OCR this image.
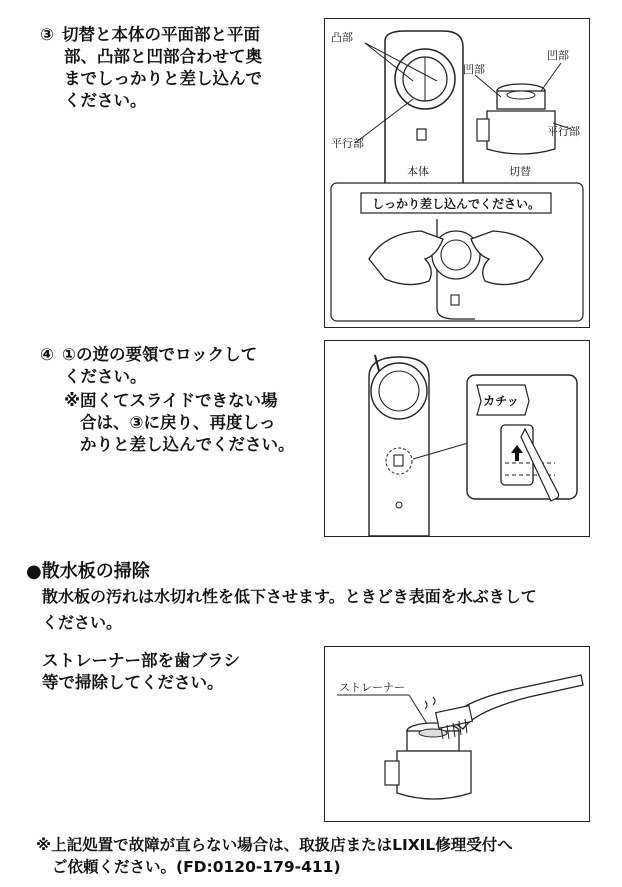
③ 切替と本体の平面部と平面
部、凸部と凹部合わせて奥
までしっかりと差し込んで
ください。
凸部
平行部
凹部
凹部
平行部
本体	切替
しっかり差し込んでください。
④ ①の逆の要領でロックして
ください。
※固くてスライドできない場
合は、③に戻り、再度しっ
かりと差し込んでください。
カチッ
●散水板の掃除
散水板の汚れは水切れ性を低下させます。ときどき表面を水ぶきして
ください。
ストレーナー部を歯ブラシ
等で掃除してください。	ストレーナー
※上記処置で故障が直らない場合は、取扱店またはLIXIL修理受付へ
ご依頼ください。(FD:0120-179-411)
